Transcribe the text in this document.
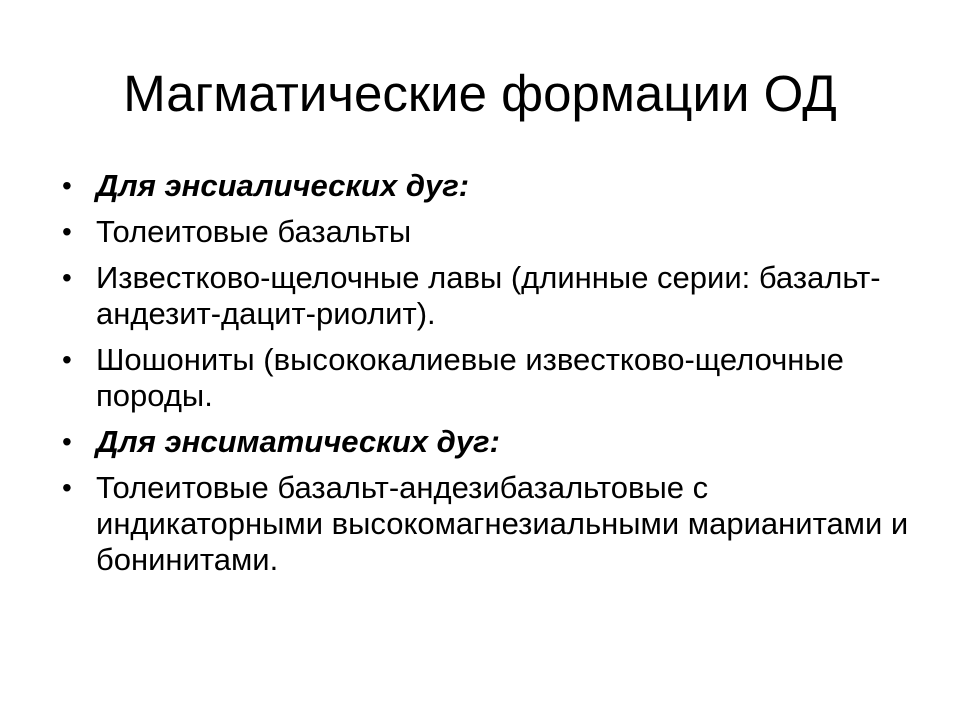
Магматические формации ОД
• Для энсиалических дуг:
• Толеитовые базальты
• Известково-щелочные лавы (длинные серии: базальт-андезит-дацит-риолит).
• Шошониты (высококалиевые известково-щелочные породы.
• Для энсиматических дуг:
• Толеитовые базальт-андезибазальтовые с индикаторными высокомагнезиальными марианитами и бонинитами.
